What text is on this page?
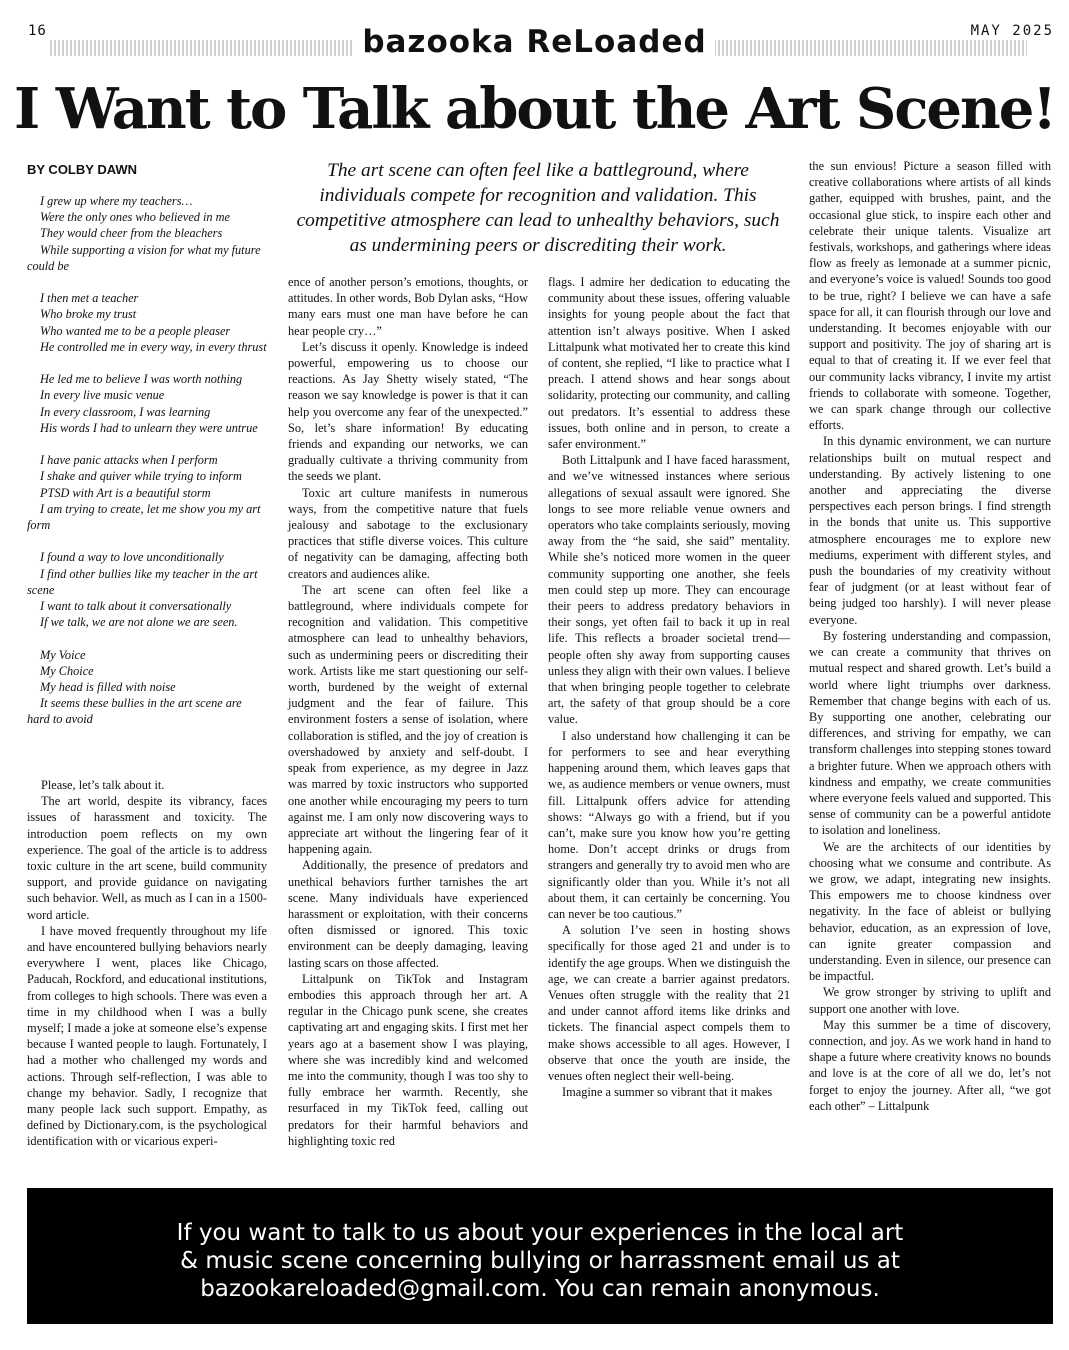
16	bazooka ReLoaded	MAY 2025
I Want to Talk about the Art Scene!
BY COLBY DAWN
I grew up where my teachers…
Were the only ones who believed in me
They would cheer from the bleachers
While supporting a vision for what my future could be
I then met a teacher
Who broke my trust
Who wanted me to be a people pleaser
He controlled me in every way, in every thrust
He led me to believe I was worth nothing
In every live music venue
In every classroom, I was learning
His words I had to unlearn they were untrue
I have panic attacks when I perform
I shake and quiver while trying to inform
PTSD with Art is a beautiful storm
I am trying to create, let me show you my art form
I found a way to love unconditionally
I find other bullies like my teacher in the art scene
I want to talk about it conversationally
If we talk, we are not alone we are seen.
My Voice
My Choice
My head is filled with noise
It seems these bullies in the art scene are hard to avoid
The art scene can often feel like a battleground, where individuals compete for recognition and validation. This competitive atmosphere can lead to unhealthy behaviors, such as undermining peers or discrediting their work.

Please, let’s talk about it.

The art world, despite its vibrancy, faces issues of harassment and toxicity. The introduction poem reflects on my own experience. The goal of the article is to address toxic culture in the art scene, build community support, and provide guidance on navigating such behavior. Well, as much as I can in a 1500-word article.

I have moved frequently throughout my life and have encountered bullying behaviors nearly everywhere I went, places like Chicago, Paducah, Rockford, and educational institutions, from colleges to high schools. There was even a time in my childhood when I was a bully myself; I made a joke at someone else’s expense because I wanted people to laugh. Fortunately, I had a mother who challenged my words and actions. Through self-reflection, I was able to change my behavior. Sadly, I recognize that many people lack such support. Empathy, as defined by Dictionary.com, is the psychological identification with or vicarious experi-

ence of another person’s emotions, thoughts, or attitudes. In other words, Bob Dylan asks, “How many ears must one man have before he can hear people cry…”

Let’s discuss it openly. Knowledge is indeed powerful, empowering us to choose our reactions. As Jay Shetty wisely stated, “The reason we say knowledge is power is that it can help you overcome any fear of the unexpected.” So, let’s share information! By educating friends and expanding our networks, we can gradually cultivate a thriving community from the seeds we plant.

Toxic art culture manifests in numerous ways, from the competitive nature that fuels jealousy and sabotage to the exclusionary practices that stifle diverse voices. This culture of negativity can be damaging, affecting both creators and audiences alike.

The art scene can often feel like a battleground, where individuals compete for recognition and validation. This competitive atmosphere can lead to unhealthy behaviors, such as undermining peers or discrediting their work. Artists like me start questioning our self-worth, burdened by the weight of external judgment and the fear of failure. This environment fosters a sense of isolation, where collaboration is stifled, and the joy of creation is overshadowed by anxiety and self-doubt. I speak from experience, as my degree in Jazz was marred by toxic instructors who supported one another while encouraging my peers to turn against me. I am only now discovering ways to appreciate art without the lingering fear of it happening again.

Additionally, the presence of predators and unethical behaviors further tarnishes the art scene. Many individuals have experienced harassment or exploitation, with their concerns often dismissed or ignored. This toxic environment can be deeply damaging, leaving lasting scars on those affected.

Littalpunk on TikTok and Instagram embodies this approach through her art. A regular in the Chicago punk scene, she creates captivating art and engaging skits. I first met her years ago at a basement show I was playing, where she was incredibly kind and welcomed me into the community, though I was too shy to fully embrace her warmth. Recently, she resurfaced in my TikTok feed, calling out predators for their harmful behaviors and highlighting toxic red

flags. I admire her dedication to educating the community about these issues, offering valuable insights for young people about the fact that attention isn’t always positive. When I asked Littalpunk what motivated her to create this kind of content, she replied, “I like to practice what I preach. I attend shows and hear songs about solidarity, protecting our community, and calling out predators. It’s essential to address these issues, both online and in person, to create a safer environment.”

Both Littalpunk and I have faced harassment, and we’ve witnessed instances where serious allegations of sexual assault were ignored. She longs to see more reliable venue owners and operators who take complaints seriously, moving away from the “he said, she said” mentality. While she’s noticed more women in the queer community supporting one another, she feels men could step up more. They can encourage their peers to address predatory behaviors in their songs, yet often fail to back it up in real life. This reflects a broader societal trend—people often shy away from supporting causes unless they align with their own values. I believe that when bringing people together to celebrate art, the safety of that group should be a core value.

I also understand how challenging it can be for performers to see and hear everything happening around them, which leaves gaps that we, as audience members or venue owners, must fill. Littalpunk offers advice for attending shows: “Always go with a friend, but if you can’t, make sure you know how you’re getting home. Don’t accept drinks or drugs from strangers and generally try to avoid men who are significantly older than you. While it’s not all about them, it can certainly be concerning. You can never be too cautious.”

A solution I’ve seen in hosting shows specifically for those aged 21 and under is to identify the age groups. When we distinguish the age, we can create a barrier against predators. Venues often struggle with the reality that 21 and under cannot afford items like drinks and tickets. The financial aspect compels them to make shows accessible to all ages. However, I observe that once the youth are inside, the venues often neglect their well-being.

Imagine a summer so vibrant that it makes

the sun envious! Picture a season filled with creative collaborations where artists of all kinds gather, equipped with brushes, paint, and the occasional glue stick, to inspire each other and celebrate their unique talents. Visualize art festivals, workshops, and gatherings where ideas flow as freely as lemonade at a summer picnic, and everyone’s voice is valued! Sounds too good to be true, right? I believe we can have a safe space for all, it can flourish through our love and understanding. It becomes enjoyable with our support and positivity. The joy of sharing art is equal to that of creating it. If we ever feel that our community lacks vibrancy, I invite my artist friends to collaborate with someone. Together, we can spark change through our collective efforts.

In this dynamic environment, we can nurture relationships built on mutual respect and understanding. By actively listening to one another and appreciating the diverse perspectives each person brings. I find strength in the bonds that unite us. This supportive atmosphere encourages me to explore new mediums, experiment with different styles, and push the boundaries of my creativity without fear of judgment (or at least without fear of being judged too harshly). I will never please everyone.

By fostering understanding and compassion, we can create a community that thrives on mutual respect and shared growth. Let’s build a world where light triumphs over darkness. Remember that change begins with each of us. By supporting one another, celebrating our differences, and striving for empathy, we can transform challenges into stepping stones toward a brighter future. When we approach others with kindness and empathy, we create communities where everyone feels valued and supported. This sense of community can be a powerful antidote to isolation and loneliness.

We are the architects of our identities by choosing what we consume and contribute. As we grow, we adapt, integrating new insights. This empowers me to choose kindness over negativity. In the face of ableist or bullying behavior, education, as an expression of love, can ignite greater compassion and understanding. Even in silence, our presence can be impactful.

We grow stronger by striving to uplift and support one another with love.

May this summer be a time of discovery, connection, and joy. As we work hand in hand to shape a future where creativity knows no bounds and love is at the core of all we do, let’s not forget to enjoy the journey. After all, “we got each other” – Littalpunk

If you want to talk to us about your experiences in the local art
& music scene concerning bullying or harrassment email us at
bazookareloaded@gmail.com. You can remain anonymous.
